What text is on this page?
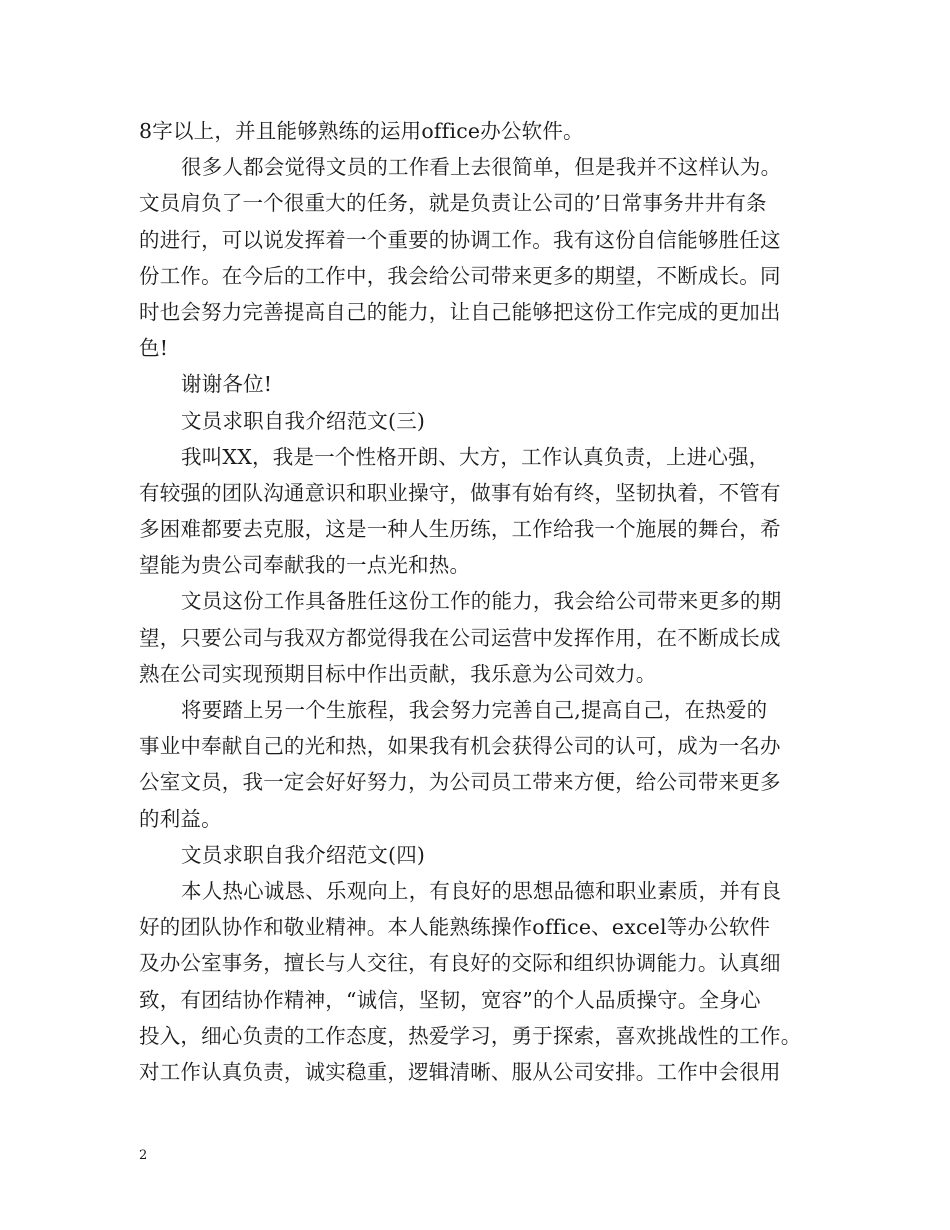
8字以上，并且能够熟练的运用office办公软件。
很多人都会觉得文员的工作看上去很简单，但是我并不这样认为。
文员肩负了一个很重大的任务，就是负责让公司的’日常事务井井有条
的进行，可以说发挥着一个重要的协调工作。我有这份自信能够胜任这
份工作。在今后的工作中，我会给公司带来更多的期望，不断成长。同
时也会努力完善提高自己的能力，让自己能够把这份工作完成的更加出
色!
谢谢各位!
文员求职自我介绍范文(三)
我叫XX，我是一个性格开朗、大方，工作认真负责，上进心强，
有较强的团队沟通意识和职业操守，做事有始有终，坚韧执着，不管有
多困难都要去克服，这是一种人生历练，工作给我一个施展的舞台，希
望能为贵公司奉献我的一点光和热。
文员这份工作具备胜任这份工作的能力，我会给公司带来更多的期
望，只要公司与我双方都觉得我在公司运营中发挥作用，在不断成长成
熟在公司实现预期目标中作出贡献，我乐意为公司效力。
将要踏上另一个生旅程，我会努力完善自己,提高自己，在热爱的
事业中奉献自己的光和热，如果我有机会获得公司的认可，成为一名办
公室文员，我一定会好好努力，为公司员工带来方便，给公司带来更多
的利益。
文员求职自我介绍范文(四)
本人热心诚恳、乐观向上，有良好的思想品德和职业素质，并有良
好的团队协作和敬业精神。本人能熟练操作office、excel等办公软件
及办公室事务，擅长与人交往，有良好的交际和组织协调能力。认真细
致，有团结协作精神，“诚信，坚韧，宽容”的个人品质操守。全身心
投入，细心负责的工作态度，热爱学习，勇于探索，喜欢挑战性的工作。
对工作认真负责，诚实稳重，逻辑清晰、服从公司安排。工作中会很用
2
